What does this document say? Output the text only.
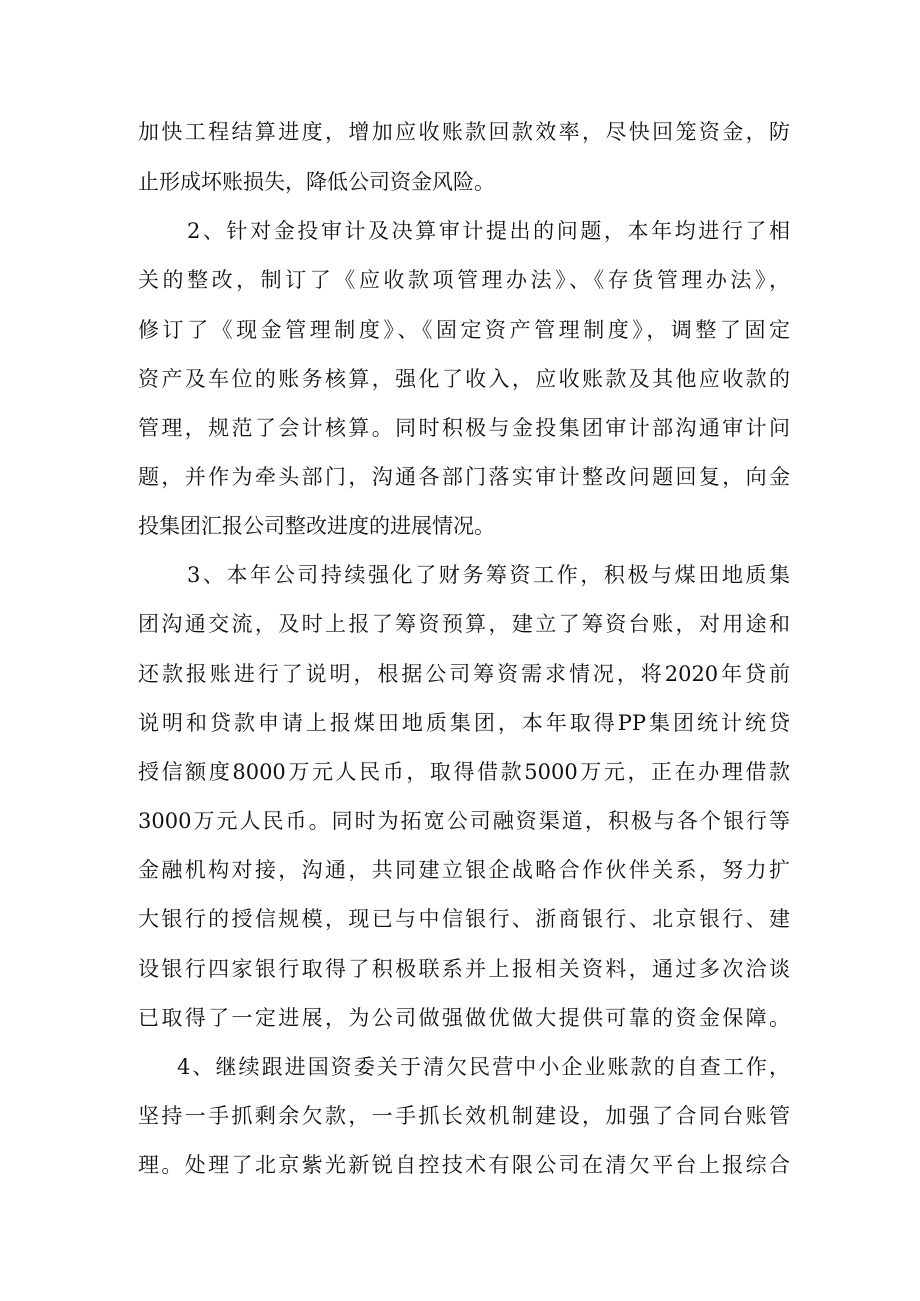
加快工程结算进度，增加应收账款回款效率，尽快回笼资金，防
止形成坏账损失，降低公司资金风险。
2、针对金投审计及决算审计提出的问题，本年均进行了相
关的整改，制订了《应收款项管理办法》、《存货管理办法》，
修订了《现金管理制度》、《固定资产管理制度》，调整了固定
资产及车位的账务核算，强化了收入，应收账款及其他应收款的
管理，规范了会计核算。同时积极与金投集团审计部沟通审计问
题，并作为牵头部门，沟通各部门落实审计整改问题回复，向金
投集团汇报公司整改进度的进展情况。
3、本年公司持续强化了财务筹资工作，积极与煤田地质集
团沟通交流，及时上报了筹资预算，建立了筹资台账，对用途和
还款报账进行了说明，根据公司筹资需求情况，将2020年贷前
说明和贷款申请上报煤田地质集团，本年取得PP集团统计统贷
授信额度8000万元人民币，取得借款5000万元，正在办理借款
3000万元人民币。同时为拓宽公司融资渠道，积极与各个银行等
金融机构对接，沟通，共同建立银企战略合作伙伴关系，努力扩
大银行的授信规模，现已与中信银行、浙商银行、北京银行、建
设银行四家银行取得了积极联系并上报相关资料，通过多次洽谈
已取得了一定进展，为公司做强做优做大提供可靠的资金保障。
4、继续跟进国资委关于清欠民营中小企业账款的自查工作，
坚持一手抓剩余欠款，一手抓长效机制建设，加强了合同台账管
理。处理了北京紫光新锐自控技术有限公司在清欠平台上报综合
